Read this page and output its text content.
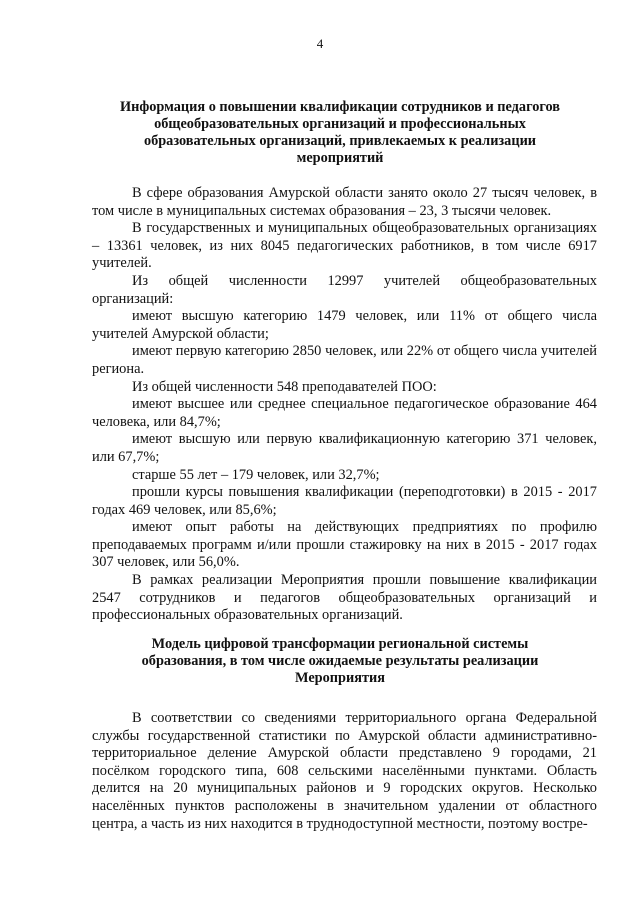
4
Информация о повышении квалификации сотрудников и педагогов
общеобразовательных организаций и профессиональных
образовательных организаций, привлекаемых к реализации
мероприятий

В сфере образования Амурской области занято около 27 тысяч человек, в том числе в муниципальных системах образования – 23, 3 тысячи человек.

В государственных и муниципальных общеобразовательных организациях – 13361 человек, из них 8045 педагогических работников, в том числе 6917 учителей.

Из общей численности 12997 учителей общеобразовательных организаций:

имеют высшую категорию 1479 человек, или 11% от общего числа учителей Амурской области;

имеют первую категорию 2850 человек, или 22% от общего числа учителей региона.

Из общей численности 548 преподавателей ПОО:

имеют высшее или среднее специальное педагогическое образование 464 человека, или 84,7%;

имеют высшую или первую квалификационную категорию 371 человек, или 67,7%;

старше 55 лет – 179 человек, или 32,7%;

прошли курсы повышения квалификации (переподготовки) в 2015 - 2017 годах 469 человек, или 85,6%;

имеют опыт работы на действующих предприятиях по профилю преподаваемых программ и/или прошли стажировку на них в 2015 - 2017 годах 307 человек, или 56,0%.

В рамках реализации Мероприятия прошли повышение квалификации 2547 сотрудников и педагогов общеобразовательных организаций и профессиональных образовательных организаций.

Модель цифровой трансформации региональной системы
образования, в том числе ожидаемые результаты реализации
Мероприятия

В соответствии со сведениями территориального органа Федеральной службы государственной статистики по Амурской области административно-территориальное деление Амурской области представлено 9 городами, 21 посёлком городского типа, 608 сельскими населёнными пунктами. Область делится на 20 муниципальных районов и 9 городских округов. Несколько населённых пунктов расположены в значительном удалении от областного центра, а часть из них находится в труднодоступной местности, поэтому востре-
